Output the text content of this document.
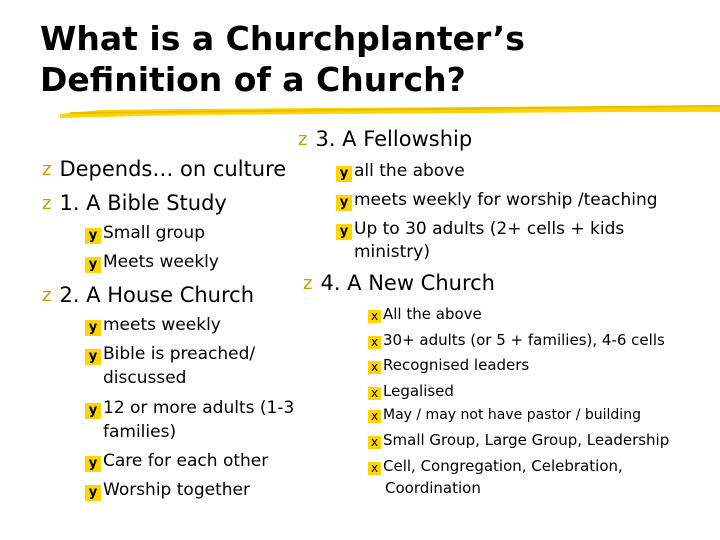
What is a Churchplanter’s
Definition of a Church?
z Depends… on culture
z 1. A Bible Study
y Small group
y Meets weekly
z 2. A House Church
y meets weekly
y Bible is preached/
discussed
y 12 or more adults (1-3
families)
y Care for each other
y Worship together
z 3. A Fellowship
y all the above
y meets weekly for worship /teaching
y Up to 30 adults (2+ cells + kids
ministry)
z 4. A New Church
x All the above
x 30+ adults (or 5 + families), 4-6 cells
x Recognised leaders
x Legalised
x May / may not have pastor / building
x Small Group, Large Group, Leadership
x Cell, Congregation, Celebration,
Coordination
